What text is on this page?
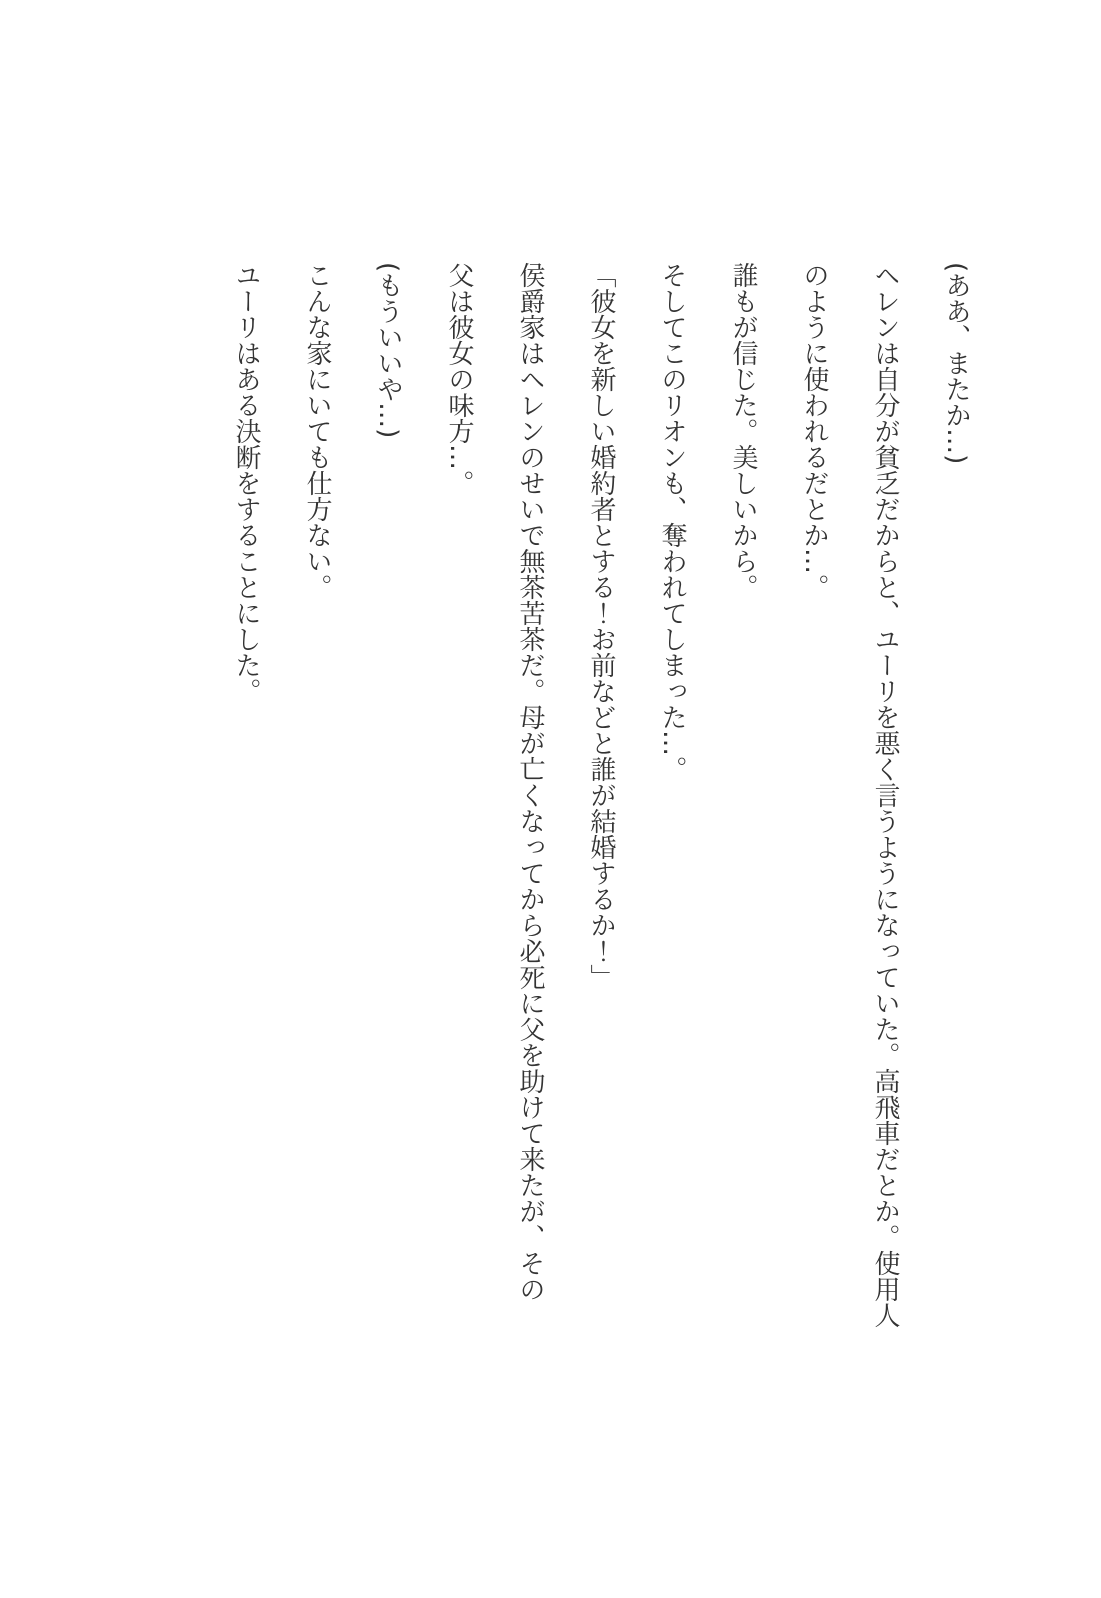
(ああ、またか…)

ヘレンは自分が貧乏だからと、ユーリを悪く言うようになっていた。高飛車だとか。使用人

のように使われるだとか…。

誰もが信じた。美しいから。

そしてこのリオンも、奪われてしまった…。

「彼女を新しい婚約者とする！お前などと誰が結婚するか！」

侯爵家はヘレンのせいで無茶苦茶だ。母が亡くなってから必死に父を助けて来たが、その

父は彼女の味方…。

(もういいや…)

こんな家にいても仕方ない。

ユーリはある決断をすることにした。
